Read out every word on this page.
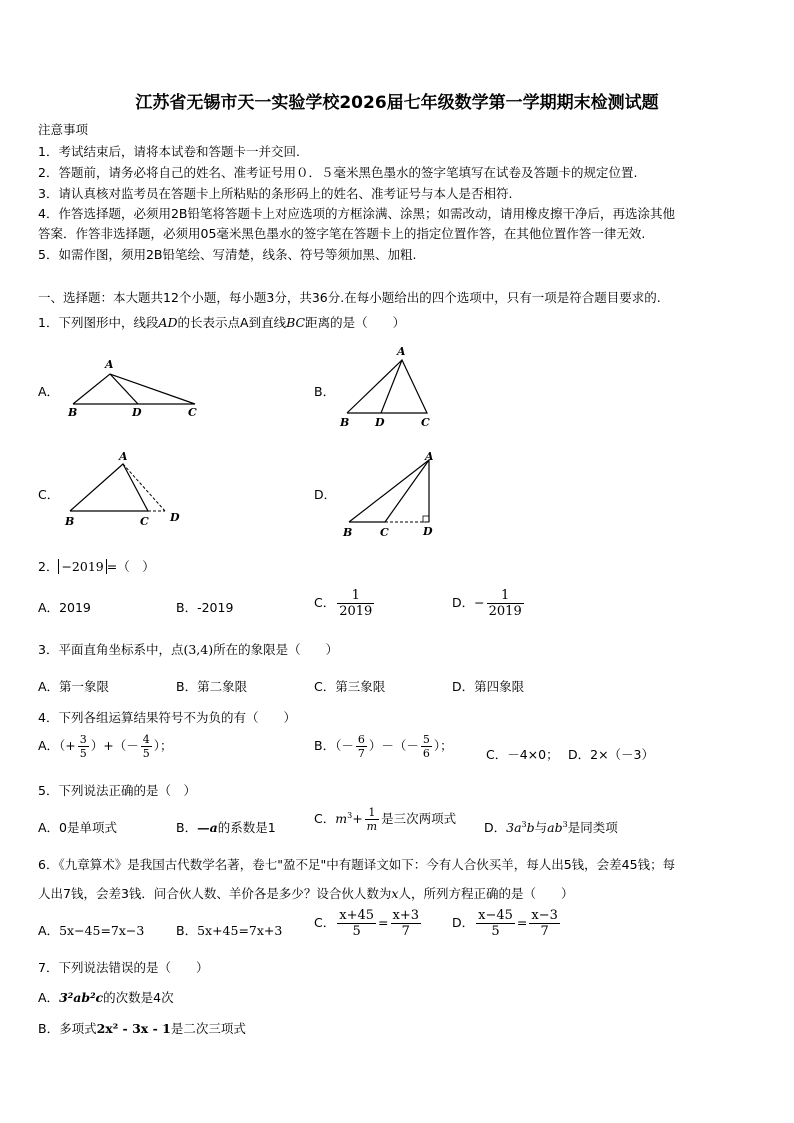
江苏省无锡市天一实验学校2026届七年级数学第一学期期末检测试题
注意事项
1．考试结束后，请将本试卷和答题卡一并交回.
2．答题前，请务必将自己的姓名、准考证号用０．５毫米黑色墨水的签字笔填写在试卷及答题卡的规定位置.
3．请认真核对监考员在答题卡上所粘贴的条形码上的姓名、准考证号与本人是否相符.
4．作答选择题，必须用2B铅笔将答题卡上对应选项的方框涂满、涂黑；如需改动，请用橡皮擦干净后，再选涂其他
答案．作答非选择题，必须用05毫米黑色墨水的签字笔在答题卡上的指定位置作答，在其他位置作答一律无效.
5．如需作图，须用2B铅笔绘、写清楚，线条、符号等须加黑、加粗.
一、选择题：本大题共12个小题，每小题3分，共36分.在每小题给出的四个选项中，只有一项是符合题目要求的.
1．下列图形中，线段AD的长表示点A到直线BC距离的是（　　）
A．
A
B	D	C
B．
A
B D	C
C．
A
B	C D
D．
A
B	C	D
2． −2019 =（　）
A．2019	B．-2019	C． $\frac{1}{2019}$	D．− $\frac{1}{2019}$
3．平面直角坐标系中，点(3,4)所在的象限是（　　）
A．第一象限	B．第二象限	C．第三象限	D．第四象限
4．下列各组运算结果符号不为负的有（　　）
A．（+ $\frac{3}{5}$ ）+（－ $\frac{4}{5}$ ）；	B．（－ $\frac{6}{7}$ ）－（－ $\frac{5}{6}$ ）；
C．－4×0； D．2×（－3）
5．下列说法正确的是（　）
A．0是单项式	B．—a的系数是1
C．$m^3+ \frac{1}{m}$ 是三次两项式
D．$3a^3b$与$ab^3$是同类项
6．《九章算术》是我国古代数学名著，卷七"盈不足"中有题译文如下：今有人合伙买羊，每人出5钱，会差45钱；每
人出7钱，会差3钱．问合伙人数、羊价各是多少？设合伙人数为x人，所列方程正确的是（　　）
A．5x−45=7x−3	B．5x+45=7x+3
C． $\frac{x+45}{5} = \frac{x+3}{7}$ D． $\frac{x-45}{5} = \frac{x-3}{7}$
7．下列说法错误的是（　　）
A．3²ab²c的次数是4次
B．多项式2x² - 3x - 1是二次三项式
